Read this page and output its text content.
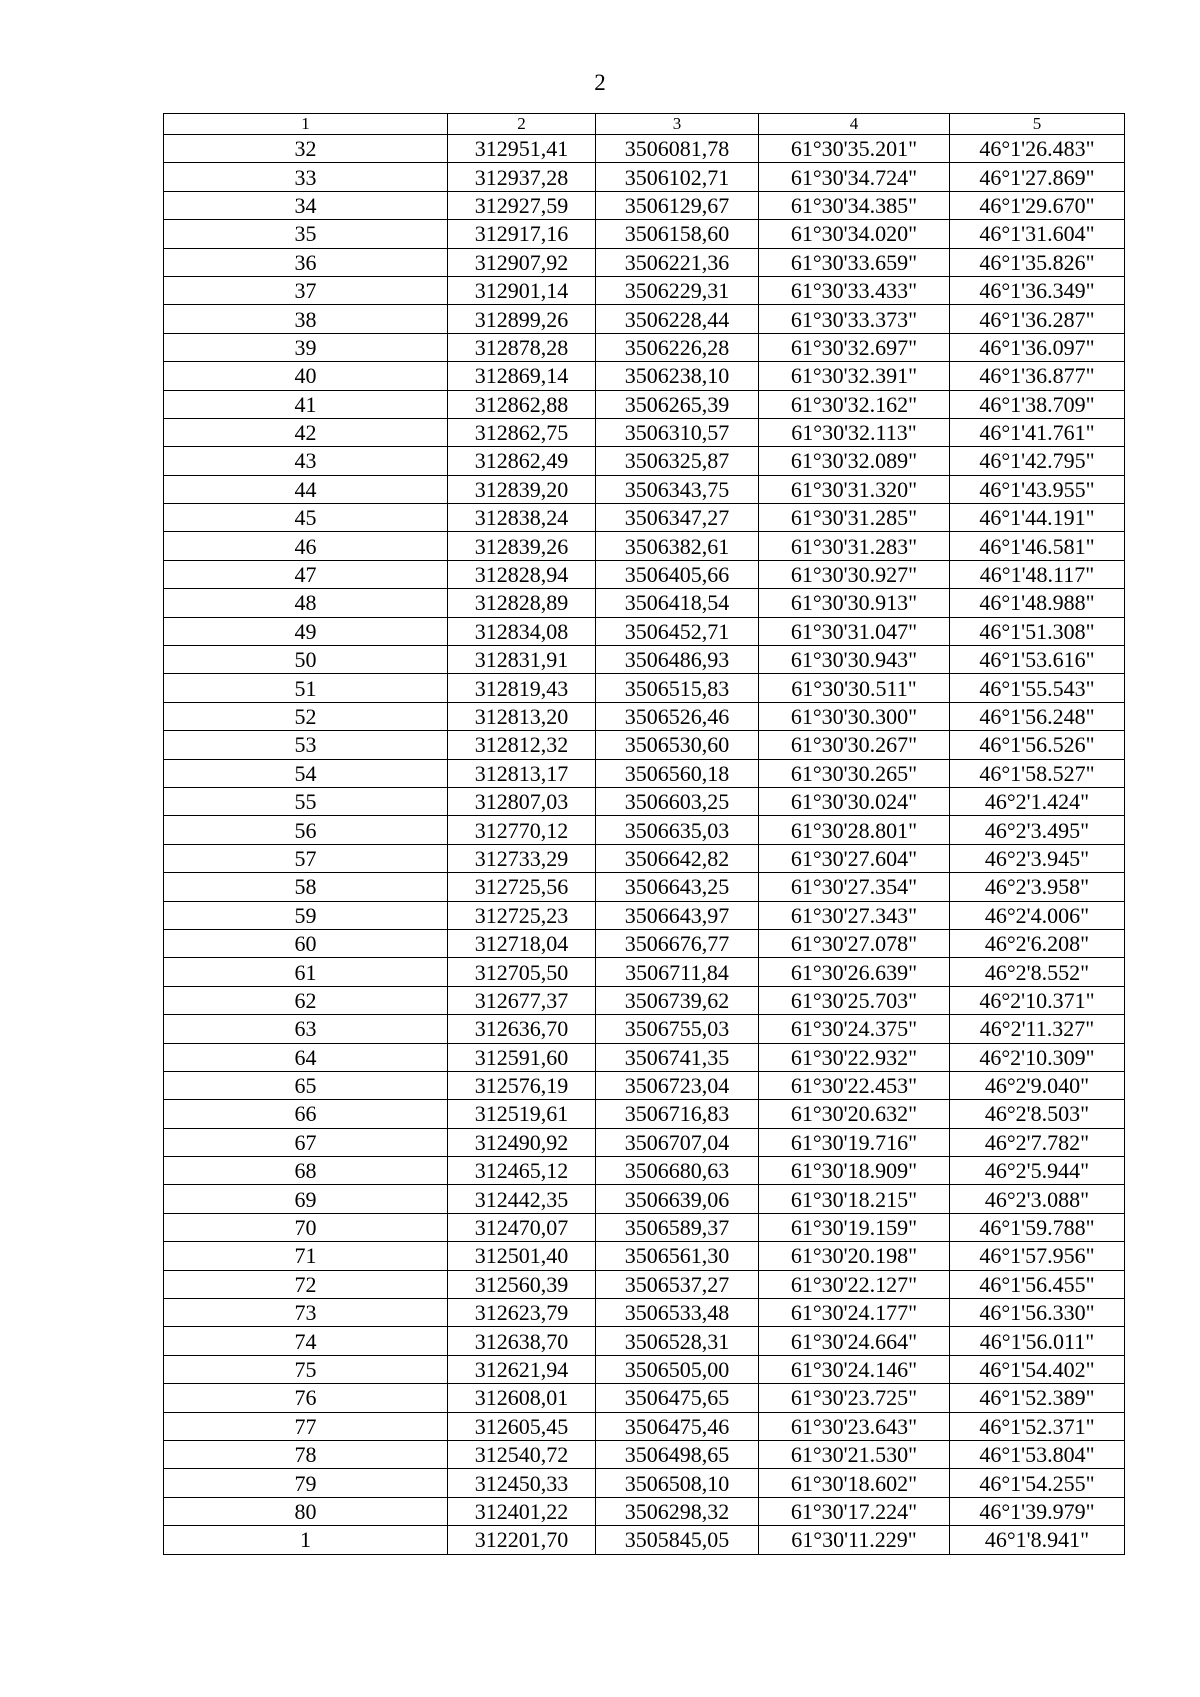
2
1	2	3	4	5
32	312951,41	3506081,78	61°30'35.201"	46°1'26.483"
33	312937,28	3506102,71	61°30'34.724"	46°1'27.869"
34	312927,59	3506129,67	61°30'34.385"	46°1'29.670"
35	312917,16	3506158,60	61°30'34.020"	46°1'31.604"
36	312907,92	3506221,36	61°30'33.659"	46°1'35.826"
37	312901,14	3506229,31	61°30'33.433"	46°1'36.349"
38	312899,26	3506228,44	61°30'33.373"	46°1'36.287"
39	312878,28	3506226,28	61°30'32.697"	46°1'36.097"
40	312869,14	3506238,10	61°30'32.391"	46°1'36.877"
41	312862,88	3506265,39	61°30'32.162"	46°1'38.709"
42	312862,75	3506310,57	61°30'32.113"	46°1'41.761"
43	312862,49	3506325,87	61°30'32.089"	46°1'42.795"
44	312839,20	3506343,75	61°30'31.320"	46°1'43.955"
45	312838,24	3506347,27	61°30'31.285"	46°1'44.191"
46	312839,26	3506382,61	61°30'31.283"	46°1'46.581"
47	312828,94	3506405,66	61°30'30.927"	46°1'48.117"
48	312828,89	3506418,54	61°30'30.913"	46°1'48.988"
49	312834,08	3506452,71	61°30'31.047"	46°1'51.308"
50	312831,91	3506486,93	61°30'30.943"	46°1'53.616"
51	312819,43	3506515,83	61°30'30.511"	46°1'55.543"
52	312813,20	3506526,46	61°30'30.300"	46°1'56.248"
53	312812,32	3506530,60	61°30'30.267"	46°1'56.526"
54	312813,17	3506560,18	61°30'30.265"	46°1'58.527"
55	312807,03	3506603,25	61°30'30.024"	46°2'1.424"
56	312770,12	3506635,03	61°30'28.801"	46°2'3.495"
57	312733,29	3506642,82	61°30'27.604"	46°2'3.945"
58	312725,56	3506643,25	61°30'27.354"	46°2'3.958"
59	312725,23	3506643,97	61°30'27.343"	46°2'4.006"
60	312718,04	3506676,77	61°30'27.078"	46°2'6.208"
61	312705,50	3506711,84	61°30'26.639"	46°2'8.552"
62	312677,37	3506739,62	61°30'25.703"	46°2'10.371"
63	312636,70	3506755,03	61°30'24.375"	46°2'11.327"
64	312591,60	3506741,35	61°30'22.932"	46°2'10.309"
65	312576,19	3506723,04	61°30'22.453"	46°2'9.040"
66	312519,61	3506716,83	61°30'20.632"	46°2'8.503"
67	312490,92	3506707,04	61°30'19.716"	46°2'7.782"
68	312465,12	3506680,63	61°30'18.909"	46°2'5.944"
69	312442,35	3506639,06	61°30'18.215"	46°2'3.088"
70	312470,07	3506589,37	61°30'19.159"	46°1'59.788"
71	312501,40	3506561,30	61°30'20.198"	46°1'57.956"
72	312560,39	3506537,27	61°30'22.127"	46°1'56.455"
73	312623,79	3506533,48	61°30'24.177"	46°1'56.330"
74	312638,70	3506528,31	61°30'24.664"	46°1'56.011"
75	312621,94	3506505,00	61°30'24.146"	46°1'54.402"
76	312608,01	3506475,65	61°30'23.725"	46°1'52.389"
77	312605,45	3506475,46	61°30'23.643"	46°1'52.371"
78	312540,72	3506498,65	61°30'21.530"	46°1'53.804"
79	312450,33	3506508,10	61°30'18.602"	46°1'54.255"
80	312401,22	3506298,32	61°30'17.224"	46°1'39.979"
1	312201,70	3505845,05	61°30'11.229"	46°1'8.941"
